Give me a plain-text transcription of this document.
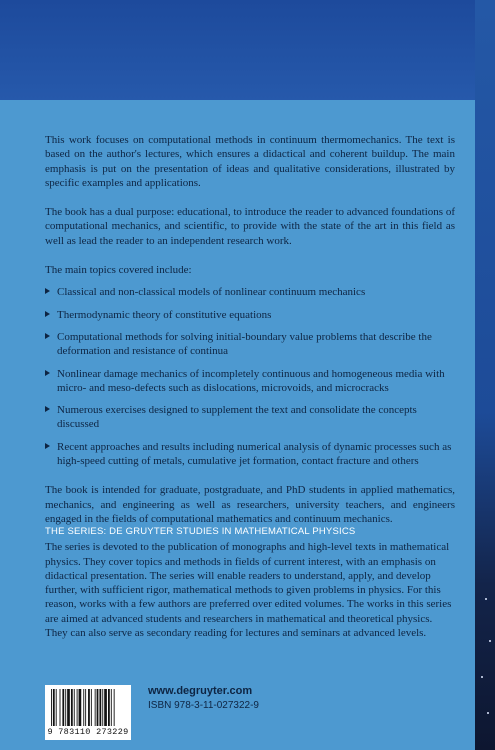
This work focuses on computational methods in continuum thermomechanics. The text is based on the author's lectures, which ensures a didactical and coherent buildup. The main emphasis is put on the presentation of ideas and qualitative considerations, illustrated by specific examples and applications.

The book has a dual purpose: educational, to introduce the reader to advanced foundations of computational mechanics, and scientific, to provide with the state of the art in this field as well as lead the reader to an independent research work.

The main topics covered include:

Classical and non-classical models of nonlinear continuum mechanics
Thermodynamic theory of constitutive equations
Computational methods for solving initial-boundary value problems that describe the deformation and resistance of continua
Nonlinear damage mechanics of incompletely continuous and homogeneous media with micro- and meso-defects such as dislocations, microvoids, and microcracks
Numerous exercises designed to supplement the text and consolidate the concepts discussed
Recent approaches and results including numerical analysis of dynamic processes such as high-speed cutting of metals, cumulative jet formation, contact fracture and others

The book is intended for graduate, postgraduate, and PhD students in applied mathematics, mechanics, and engineering as well as researchers, university teachers, and engineers engaged in the fields of computational mathematics and continuum mechanics.

THE SERIES: DE GRUYTER STUDIES IN MATHEMATICAL PHYSICS
The series is devoted to the publication of monographs and high-level texts in mathematical physics. They cover topics and methods in fields of current interest, with an emphasis on didactical presentation. The series will enable readers to understand, apply, and develop further, with sufficient rigor, mathematical methods to given problems in physics. For this reason, works with a few authors are preferred over edited volumes. The works in this series are aimed at advanced students and researchers in mathematical and theoretical physics. They can also serve as secondary reading for lectures and seminars at advanced levels.
9 783110 273229
www.degruyter.com
ISBN 978-3-11-027322-9
